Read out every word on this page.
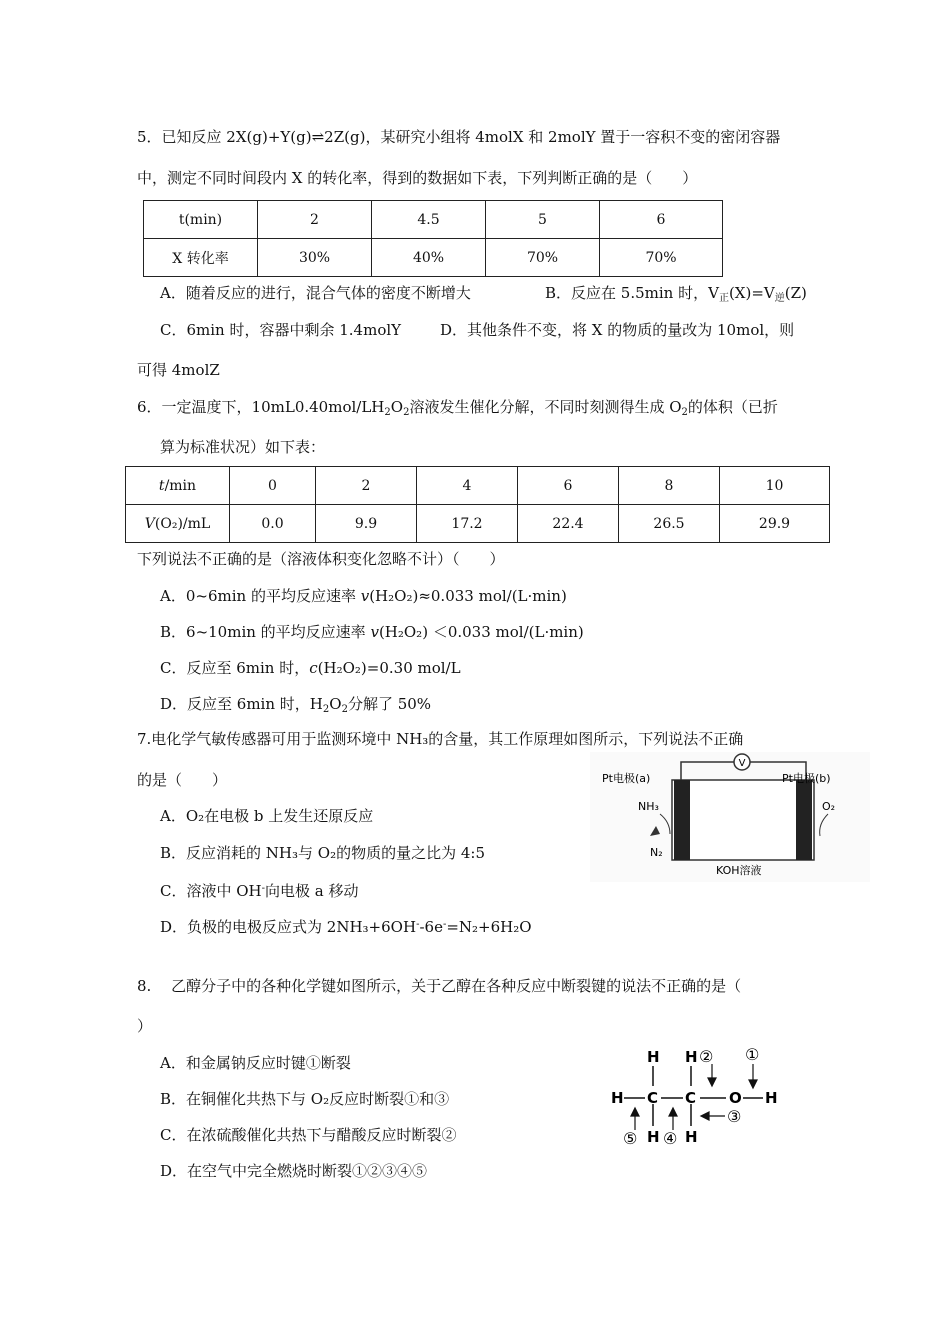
5．已知反应 2X(g)+Y(g)⇌2Z(g)，某研究小组将 4molX 和 2molY 置于一容积不变的密闭容器
中，测定不同时间段内 X 的转化率，得到的数据如下表，下列判断正确的是（　　）
t(min)	2	4.5	5	6
X 转化率	30%	40%	70%	70%
A．随着反应的进行，混合气体的密度不断增大	B．反应在 5.5min 时，$V_正(X)=V_逆(Z)$
C．6min 时，容器中剩余 1.4molY	D．其他条件不变，将 X 的物质的量改为 10mol，则
可得 4molZ
6．一定温度下，$10mL0.40mol/LH_2O_2$溶液发生催化分解，不同时刻测得生成 $O_2$的体积（已折
算为标准状况）如下表：
t/min	0	2	4	6	8	10
V(O₂)/mL	0.0	9.9	17.2	22.4	26.5	29.9
下列说法不正确的是（溶液体积变化忽略不计）（　　）
A．0~6min 的平均反应速率 v(H₂O₂)≈0.033 mol/(L·min)
B．6~10min 的平均反应速率 v(H₂O₂) ＜0.033 mol/(L·min)
C．反应至 6min 时，c(H₂O₂)=0.30 mol/L
D．反应至 6min 时，$H_2O_2$分解了 50%
7.电化学气敏传感器可用于监测环境中 NH₃的含量，其工作原理如图所示，下列说法不正确
的是（　　）
A．O₂在电极 b 上发生还原反应
B．反应消耗的 NH₃与 O₂的物质的量之比为 4:5
C．溶液中 OH-向电极 a 移动
D．负极的电极反应式为 2NH₃+6OH--6e-=N₂+6H₂O
V
Pt电极(a)	Pt电极(b)
NH₃
N₂
O₂
KOH溶液
8.　 乙醇分子中的各种化学键如图所示，关于乙醇在各种反应中断裂键的说法不正确的是（
）
A．和金属钠反应时键①断裂
B．在铜催化共热下与 O₂反应时断裂①和③
C．在浓硫酸催化共热下与醋酸反应时断裂②
D．在空气中完全燃烧时断裂①②③④⑤
H C C O H
H H
H H
② ①
③
⑤ ④
